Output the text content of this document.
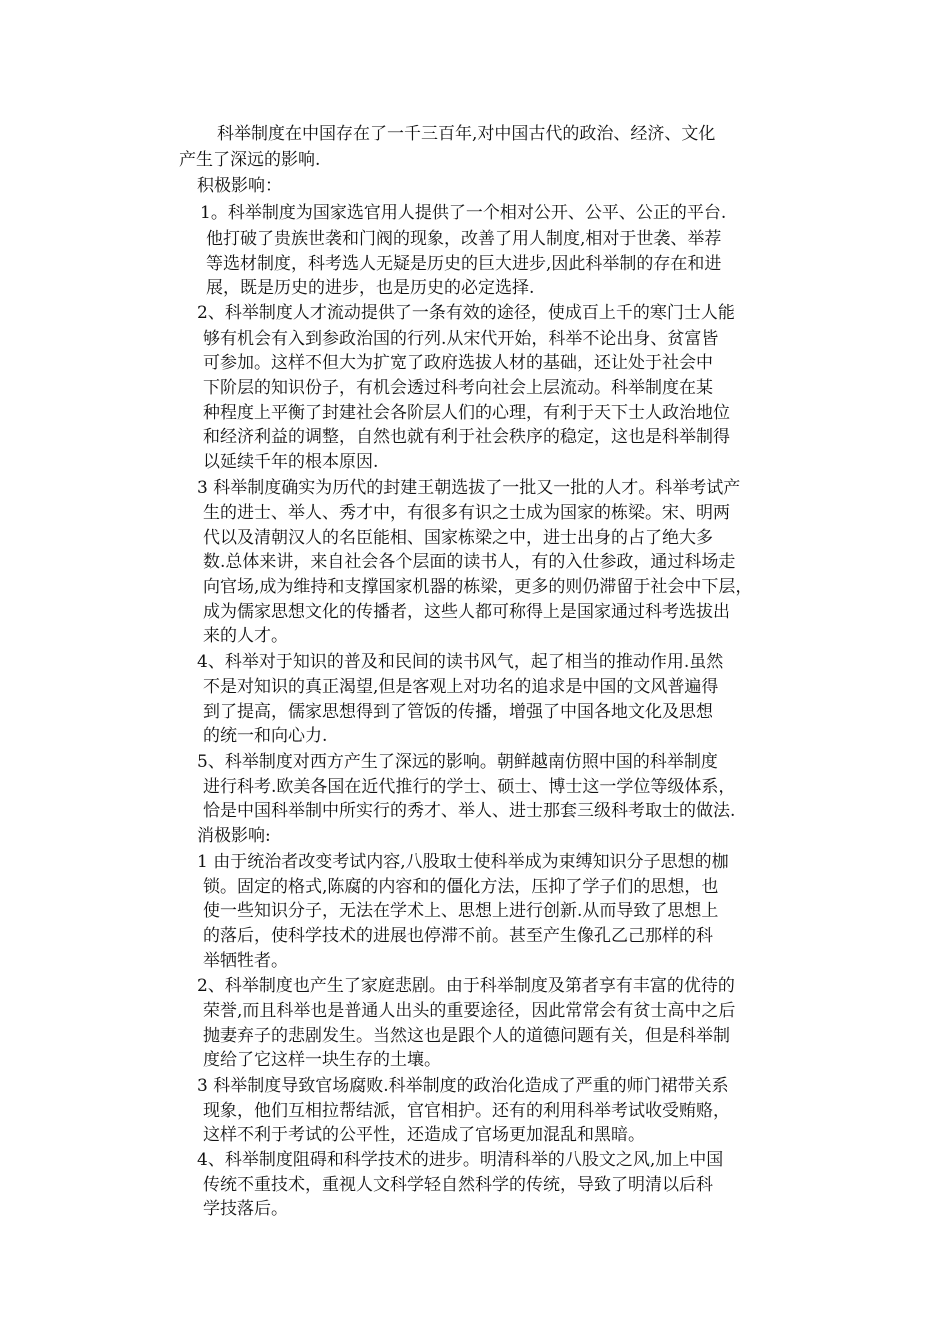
科举制度在中国存在了一千三百年,对中国古代的政治、经济、文化
产生了深远的影响.
积极影响：
1。科举制度为国家选官用人提供了一个相对公开、公平、公正的平台.
他打破了贵族世袭和门阀的现象，改善了用人制度,相对于世袭、举荐
等选材制度，科考选人无疑是历史的巨大进步,因此科举制的存在和进
展，既是历史的进步，也是历史的必定选择.
2、科举制度人才流动提供了一条有效的途径，使成百上千的寒门士人能
够有机会有入到参政治国的行列.从宋代开始，科举不论出身、贫富皆
可参加。这样不但大为扩宽了政府选拔人材的基础，还让处于社会中
下阶层的知识份子，有机会透过科考向社会上层流动。科举制度在某
种程度上平衡了封建社会各阶层人们的心理，有利于天下士人政治地位
和经济利益的调整，自然也就有利于社会秩序的稳定，这也是科举制得
以延续千年的根本原因.
3 科举制度确实为历代的封建王朝选拔了一批又一批的人才。科举考试产
生的进士、举人、秀才中，有很多有识之士成为国家的栋梁。宋、明两
代以及清朝汉人的名臣能相、国家栋梁之中，进士出身的占了绝大多
数.总体来讲，来自社会各个层面的读书人，有的入仕参政，通过科场走
向官场,成为维持和支撑国家机器的栋梁，更多的则仍滞留于社会中下层，
成为儒家思想文化的传播者，这些人都可称得上是国家通过科考选拔出
来的人才。
4、科举对于知识的普及和民间的读书风气，起了相当的推动作用.虽然
不是对知识的真正渴望,但是客观上对功名的追求是中国的文风普遍得
到了提高，儒家思想得到了管饭的传播，增强了中国各地文化及思想
的统一和向心力.
5、科举制度对西方产生了深远的影响。朝鲜越南仿照中国的科举制度
进行科考.欧美各国在近代推行的学士、硕士、博士这一学位等级体系，
恰是中国科举制中所实行的秀才、举人、进士那套三级科考取士的做法.
消极影响:
1 由于统治者改变考试内容,八股取士使科举成为束缚知识分子思想的枷
锁。固定的格式,陈腐的内容和的僵化方法，压抑了学子们的思想，也
使一些知识分子，无法在学术上、思想上进行创新.从而导致了思想上
的落后，使科学技术的进展也停滞不前。甚至产生像孔乙己那样的科
举牺牲者。
2、科举制度也产生了家庭悲剧。由于科举制度及第者享有丰富的优待的
荣誉,而且科举也是普通人出头的重要途径，因此常常会有贫士高中之后
抛妻弃子的悲剧发生。当然这也是跟个人的道德问题有关，但是科举制
度给了它这样一块生存的土壤。
3 科举制度导致官场腐败.科举制度的政治化造成了严重的师门裙带关系
现象，他们互相拉帮结派，官官相护。还有的利用科举考试收受贿赂，
这样不利于考试的公平性，还造成了官场更加混乱和黑暗。
4、科举制度阻碍和科学技术的进步。明清科举的八股文之风,加上中国
传统不重技术，重视人文科学轻自然科学的传统，导致了明清以后科
学技落后。
